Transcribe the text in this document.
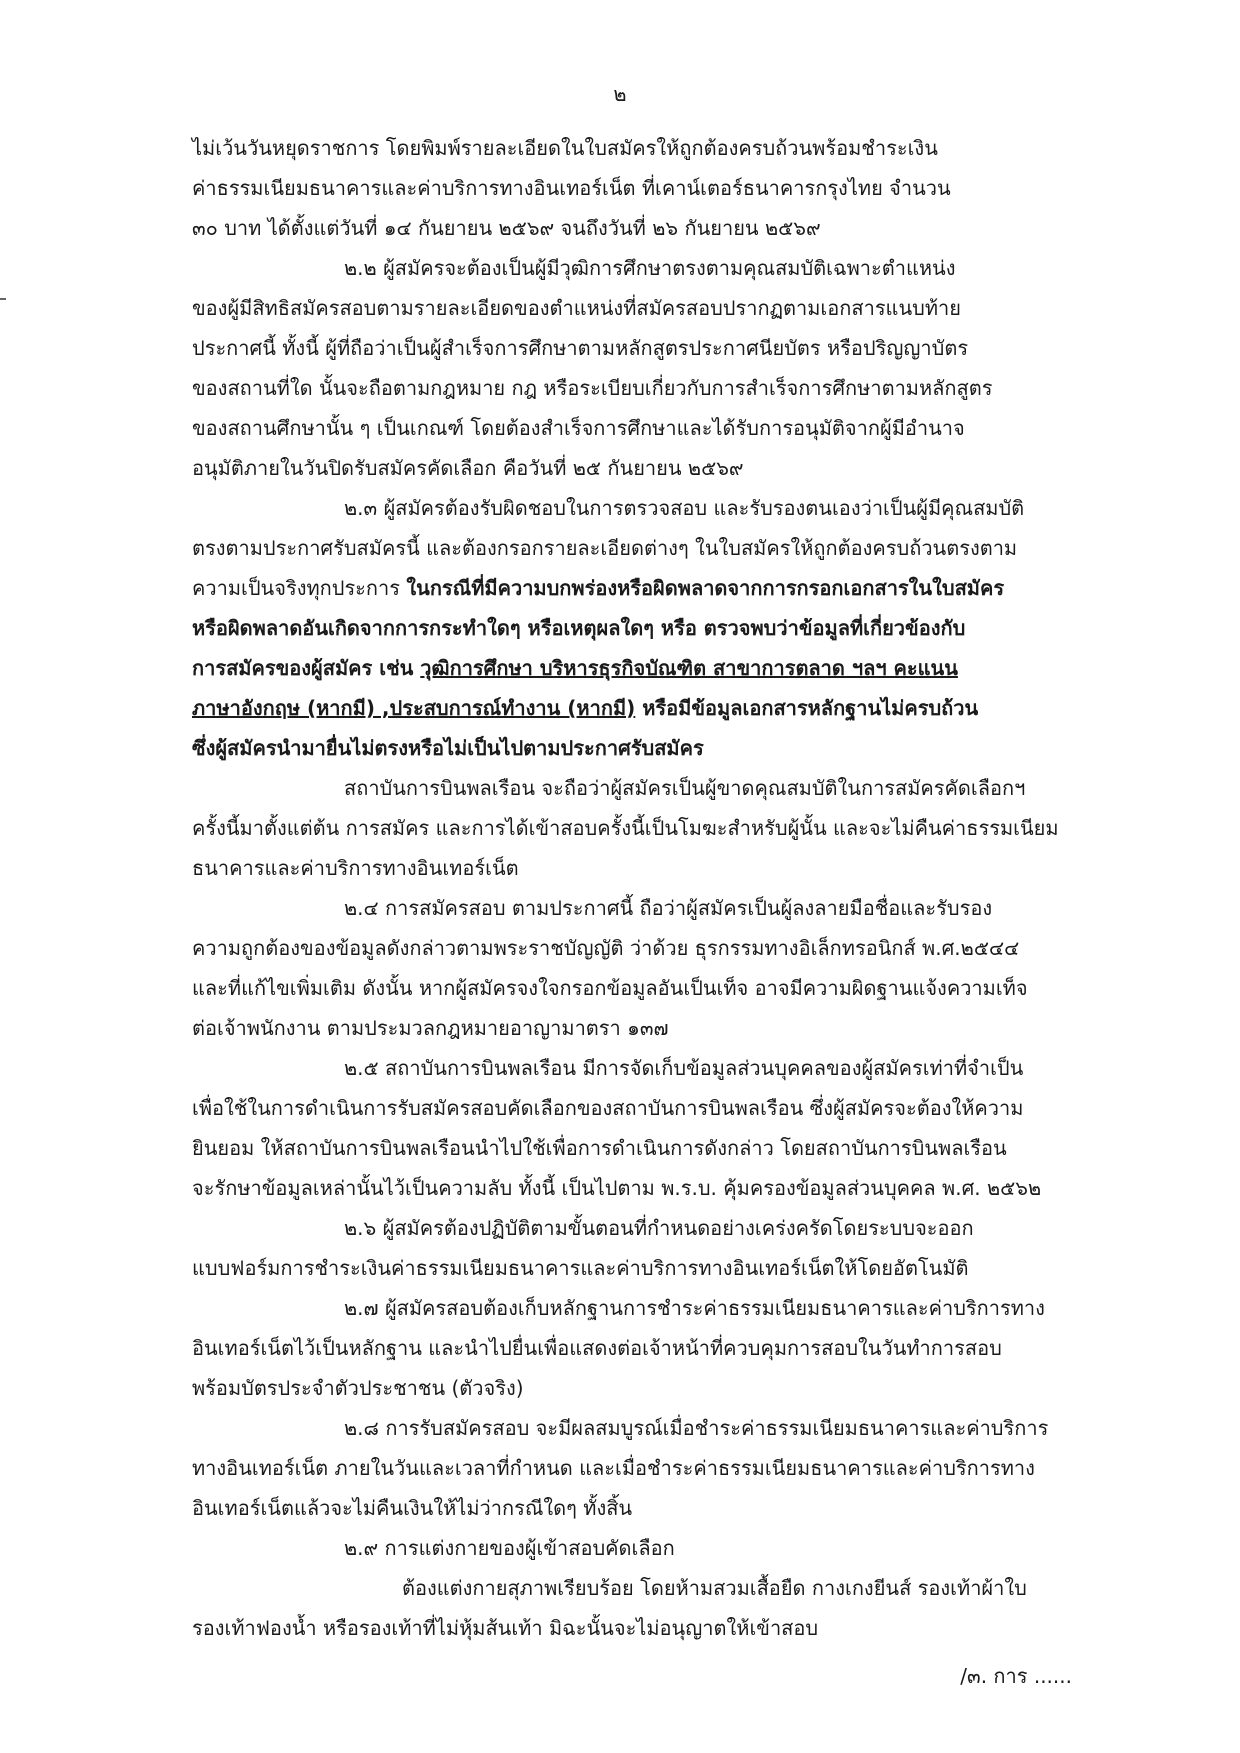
๒
ไม่เว้นวันหยุดราชการ โดยพิมพ์รายละเอียดในใบสมัครให้ถูกต้องครบถ้วนพร้อมชำระเงิน
ค่าธรรมเนียมธนาคารและค่าบริการทางอินเทอร์เน็ต ที่เคาน์เตอร์ธนาคารกรุงไทย จำนวน
๓๐ บาท ได้ตั้งแต่วันที่ ๑๔ กันยายน ๒๕๖๙ จนถึงวันที่ ๒๖ กันยายน ๒๕๖๙
๒.๒ ผู้สมัครจะต้องเป็นผู้มีวุฒิการศึกษาตรงตามคุณสมบัติเฉพาะตำแหน่ง
ของผู้มีสิทธิสมัครสอบตามรายละเอียดของตำแหน่งที่สมัครสอบปรากฏตามเอกสารแนบท้าย
ประกาศนี้ ทั้งนี้ ผู้ที่ถือว่าเป็นผู้สำเร็จการศึกษาตามหลักสูตรประกาศนียบัตร หรือปริญญาบัตร
ของสถานที่ใด นั้นจะถือตามกฎหมาย กฎ หรือระเบียบเกี่ยวกับการสำเร็จการศึกษาตามหลักสูตร
ของสถานศึกษานั้น ๆ เป็นเกณฑ์ โดยต้องสำเร็จการศึกษาและได้รับการอนุมัติจากผู้มีอำนาจ
อนุมัติภายในวันปิดรับสมัครคัดเลือก คือวันที่ ๒๕ กันยายน ๒๕๖๙
๒.๓ ผู้สมัครต้องรับผิดชอบในการตรวจสอบ และรับรองตนเองว่าเป็นผู้มีคุณสมบัติ
ตรงตามประกาศรับสมัครนี้ และต้องกรอกรายละเอียดต่างๆ ในใบสมัครให้ถูกต้องครบถ้วนตรงตาม
ความเป็นจริงทุกประการ ในกรณีที่มีความบกพร่องหรือผิดพลาดจากการกรอกเอกสารในใบสมัคร
หรือผิดพลาดอันเกิดจากการกระทำใดๆ หรือเหตุผลใดๆ หรือ ตรวจพบว่าข้อมูลที่เกี่ยวข้องกับ
การสมัครของผู้สมัคร เช่น วุฒิการศึกษา บริหารธุรกิจบัณฑิต สาขาการตลาด ฯลฯ คะแนน
ภาษาอังกฤษ (หากมี) ,ประสบการณ์ทำงาน (หากมี) หรือมีข้อมูลเอกสารหลักฐานไม่ครบถ้วน
ซึ่งผู้สมัครนำมายื่นไม่ตรงหรือไม่เป็นไปตามประกาศรับสมัคร
สถาบันการบินพลเรือน จะถือว่าผู้สมัครเป็นผู้ขาดคุณสมบัติในการสมัครคัดเลือกฯ
ครั้งนี้มาตั้งแต่ต้น การสมัคร และการได้เข้าสอบครั้งนี้เป็นโมฆะสำหรับผู้นั้น และจะไม่คืนค่าธรรมเนียม
ธนาคารและค่าบริการทางอินเทอร์เน็ต
๒.๔ การสมัครสอบ ตามประกาศนี้ ถือว่าผู้สมัครเป็นผู้ลงลายมือชื่อและรับรอง
ความถูกต้องของข้อมูลดังกล่าวตามพระราชบัญญัติ ว่าด้วย ธุรกรรมทางอิเล็กทรอนิกส์ พ.ศ.๒๕๔๔
และที่แก้ไขเพิ่มเติม ดังนั้น หากผู้สมัครจงใจกรอกข้อมูลอันเป็นเท็จ อาจมีความผิดฐานแจ้งความเท็จ
ต่อเจ้าพนักงาน ตามประมวลกฎหมายอาญามาตรา ๑๓๗
๒.๕ สถาบันการบินพลเรือน มีการจัดเก็บข้อมูลส่วนบุคคลของผู้สมัครเท่าที่จำเป็น
เพื่อใช้ในการดำเนินการรับสมัครสอบคัดเลือกของสถาบันการบินพลเรือน ซึ่งผู้สมัครจะต้องให้ความ
ยินยอม ให้สถาบันการบินพลเรือนนำไปใช้เพื่อการดำเนินการดังกล่าว โดยสถาบันการบินพลเรือน
จะรักษาข้อมูลเหล่านั้นไว้เป็นความลับ ทั้งนี้ เป็นไปตาม พ.ร.บ. คุ้มครองข้อมูลส่วนบุคคล พ.ศ. ๒๕๖๒
๒.๖ ผู้สมัครต้องปฏิบัติตามขั้นตอนที่กำหนดอย่างเคร่งครัดโดยระบบจะออก
แบบฟอร์มการชำระเงินค่าธรรมเนียมธนาคารและค่าบริการทางอินเทอร์เน็ตให้โดยอัตโนมัติ
๒.๗ ผู้สมัครสอบต้องเก็บหลักฐานการชำระค่าธรรมเนียมธนาคารและค่าบริการทาง
อินเทอร์เน็ตไว้เป็นหลักฐาน และนำไปยื่นเพื่อแสดงต่อเจ้าหน้าที่ควบคุมการสอบในวันทำการสอบ
พร้อมบัตรประจำตัวประชาชน (ตัวจริง)
๒.๘ การรับสมัครสอบ จะมีผลสมบูรณ์เมื่อชำระค่าธรรมเนียมธนาคารและค่าบริการ
ทางอินเทอร์เน็ต ภายในวันและเวลาที่กำหนด และเมื่อชำระค่าธรรมเนียมธนาคารและค่าบริการทาง
อินเทอร์เน็ตแล้วจะไม่คืนเงินให้ไม่ว่ากรณีใดๆ ทั้งสิ้น
๒.๙ การแต่งกายของผู้เข้าสอบคัดเลือก
ต้องแต่งกายสุภาพเรียบร้อย โดยห้ามสวมเสื้อยืด กางเกงยีนส์ รองเท้าผ้าใบ
รองเท้าฟองน้ำ หรือรองเท้าที่ไม่หุ้มส้นเท้า มิฉะนั้นจะไม่อนุญาตให้เข้าสอบ
/๓. การ ......
